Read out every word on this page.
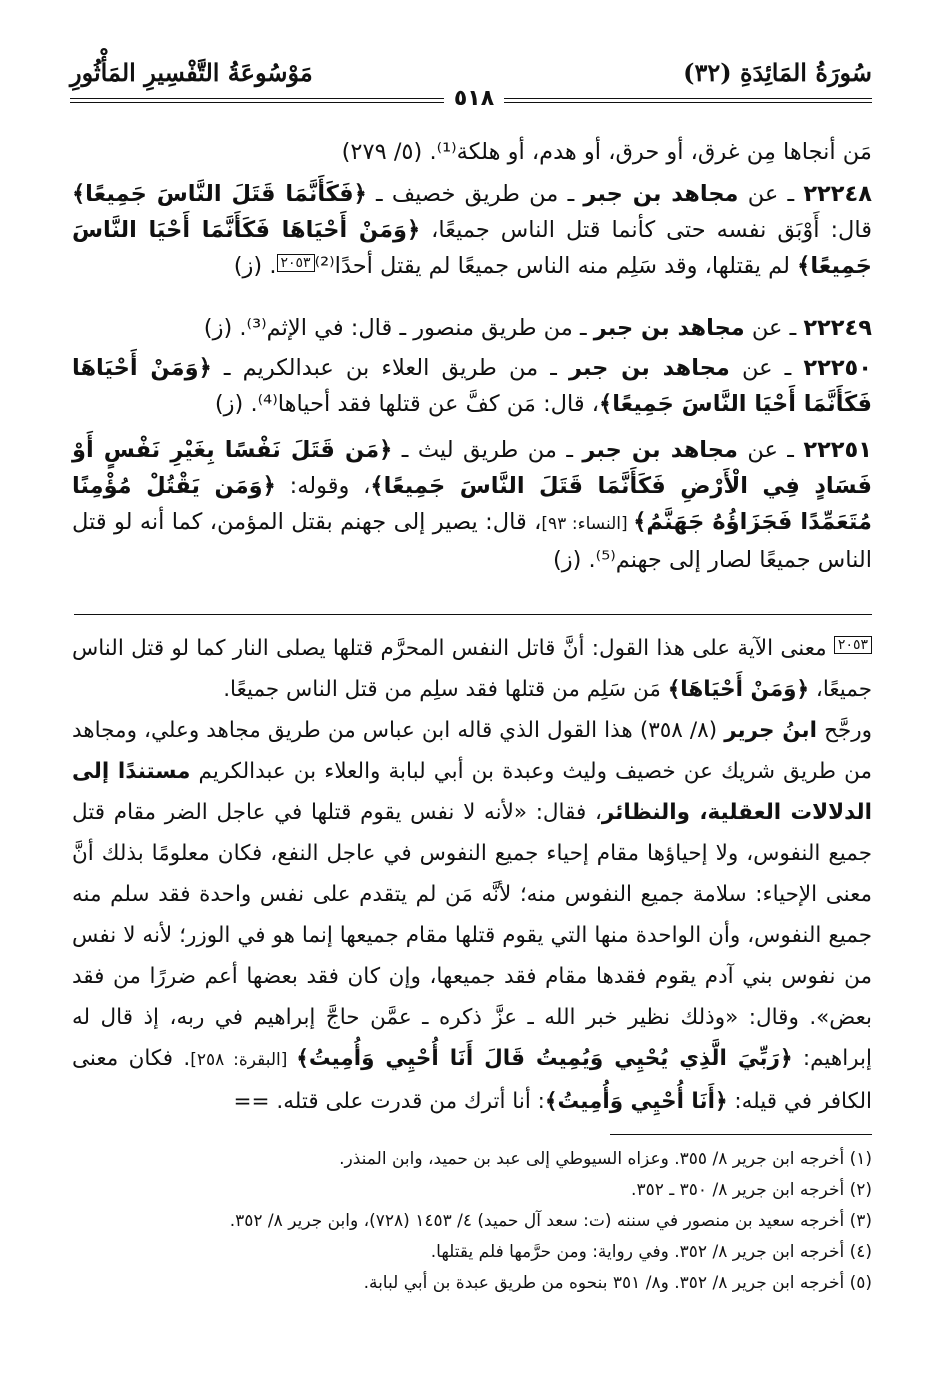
سُورَةُ المَائِدَةِ (٣٢)
مَوْسُوعَةُ التَّفْسِيرِ المَأْثُورِ
٥١٨
مَن أنجاها مِن غرق، أو حرق، أو هدم، أو هلكة⁽¹⁾. (٥/ ٢٧٩)
٢٢٢٤٨ ـ عن مجاهد بن جبر ـ من طريق خصيف ـ ﴿فَكَأَنَّمَا قَتَلَ النَّاسَ جَمِيعًا﴾ قال: أَوْبَق نفسه حتى كأنما قتل الناس جميعًا، ﴿وَمَنْ أَحْيَاهَا فَكَأَنَّمَا أَحْيَا النَّاسَ جَمِيعًا﴾ لم يقتلها، وقد سَلِم منه الناس جميعًا لم يقتل أحدًا⁽²⁾٢٠٥٣. (ز)
٢٢٢٤٩ ـ عن مجاهد بن جبر ـ من طريق منصور ـ قال: في الإثم⁽³⁾. (ز)
٢٢٢٥٠ ـ عن مجاهد بن جبر ـ من طريق العلاء بن عبدالكريم ـ ﴿وَمَنْ أَحْيَاهَا فَكَأَنَّمَا أَحْيَا النَّاسَ جَمِيعًا﴾، قال: مَن كفَّ عن قتلها فقد أحياها⁽⁴⁾. (ز)
٢٢٢٥١ ـ عن مجاهد بن جبر ـ من طريق ليث ـ ﴿مَن قَتَلَ نَفْسًا بِغَيْرِ نَفْسٍ أَوْ فَسَادٍ فِي الْأَرْضِ فَكَأَنَّمَا قَتَلَ النَّاسَ جَمِيعًا﴾، وقوله: ﴿وَمَن يَقْتُلْ مُؤْمِنًا مُتَعَمِّدًا فَجَزَاؤُهُ جَهَنَّمُ﴾ [النساء: ٩٣]، قال: يصير إلى جهنم بقتل المؤمن، كما أنه لو قتل الناس جميعًا لصار إلى جهنم⁽⁵⁾. (ز)
٢٠٥٣ معنى الآية على هذا القول: أنَّ قاتل النفس المحرَّم قتلها يصلى النار كما لو قتل الناس جميعًا، ﴿وَمَنْ أَحْيَاهَا﴾ مَن سَلِم من قتلها فقد سلِم من قتل الناس جميعًا.
ورجَّح ابنُ جرير (٨/ ٣٥٨) هذا القول الذي قاله ابن عباس من طريق مجاهد وعلي، ومجاهد من طريق شريك عن خصيف وليث وعبدة بن أبي لبابة والعلاء بن عبدالكريم مستندًا إلى الدلالات العقلية، والنظائر، فقال: «لأنه لا نفس يقوم قتلها في عاجل الضر مقام قتل جميع النفوس، ولا إحياؤها مقام إحياء جميع النفوس في عاجل النفع، فكان معلومًا بذلك أنَّ معنى الإحياء: سلامة جميع النفوس منه؛ لأنَّه مَن لم يتقدم على نفس واحدة فقد سلم منه جميع النفوس، وأن الواحدة منها التي يقوم قتلها مقام جميعها إنما هو في الوزر؛ لأنه لا نفس من نفوس بني آدم يقوم فقدها مقام فقد جميعها، وإن كان فقد بعضها أعم ضررًا من فقد بعض». وقال: «وذلك نظير خبر الله ـ عزَّ ذكره ـ عمَّن حاجَّ إبراهيم في ربه، إذ قال له إبراهيم: ﴿رَبِّيَ الَّذِي يُحْيِي وَيُمِيتُ قَالَ أَنَا أُحْيِي وَأُمِيتُ﴾ [البقرة: ٢٥٨]. فكان معنى الكافر في قيله: ﴿أَنَا أُحْيِي وَأُمِيتُ﴾: أنا أترك من قدرت على قتله. ==
(١) أخرجه ابن جرير ٨/ ٣٥٥. وعزاه السيوطي إلى عبد بن حميد، وابن المنذر.
(٢) أخرجه ابن جرير ٨/ ٣٥٠ ـ ٣٥٢.
(٣) أخرجه سعيد بن منصور في سننه (ت: سعد آل حميد) ٤/ ١٤٥٣ (٧٢٨)، وابن جرير ٨/ ٣٥٢.
(٤) أخرجه ابن جرير ٨/ ٣٥٢. وفي رواية: ومن حرَّمها فلم يقتلها.
(٥) أخرجه ابن جرير ٨/ ٣٥٢. و٨/ ٣٥١ بنحوه من طريق عبدة بن أبي لبابة.
